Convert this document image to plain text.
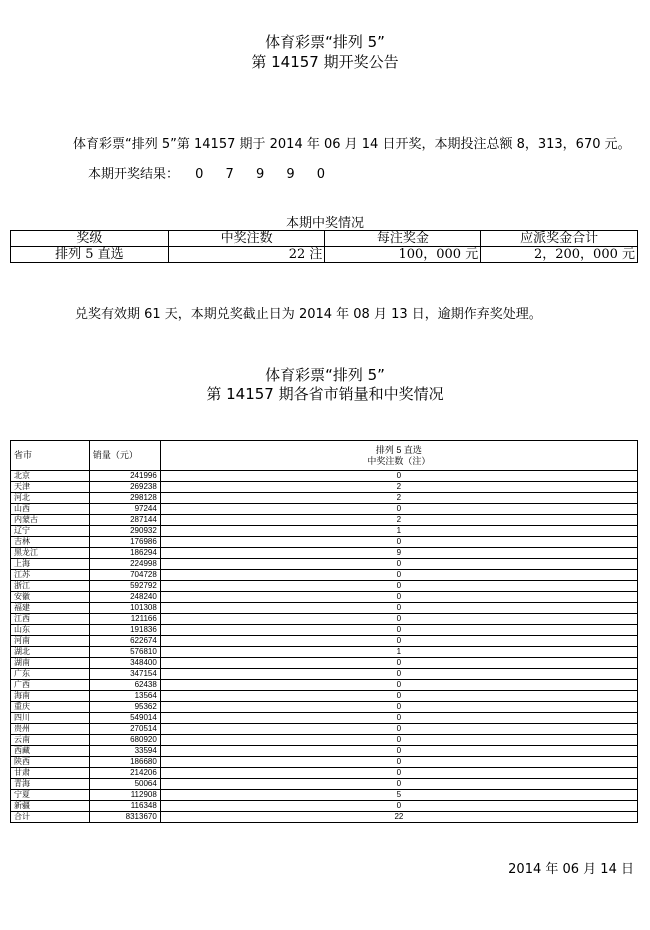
体育彩票“排列 5”
第 14157 期开奖公告
体育彩票“排列 5”第 14157 期于 2014 年 06 月 14 日开奖，本期投注总额 8，313，670 元。
本期开奖结果： 0 7 9 9 0
本期中奖情况
奖级	中奖注数	每注奖金	应派奖金合计
排列 5 直选	22 注	100，000 元	2，200，000 元
兑奖有效期 61 天，本期兑奖截止日为 2014 年 08 月 13 日，逾期作弃奖处理。
体育彩票“排列 5”
第 14157 期各省市销量和中奖情况
省市	销量（元）	排列 5 直选
中奖注数（注）

北京	241996	0
天津	269238	2
河北	298128	2
山西	97244	0
内蒙古	287144	2
辽宁	290932	1
吉林	176986	0
黑龙江	186294	9
上海	224998	0
江苏	704728	0
浙江	592792	0
安徽	248240	0
福建	101308	0
江西	121166	0
山东	191836	0
河南	622674	0
湖北	576810	1
湖南	348400	0
广东	347154	0
广西	62438	0
海南	13564	0
重庆	95362	0
四川	549014	0
贵州	270514	0
云南	680920	0
西藏	33594	0
陕西	186680	0
甘肃	214206	0
青海	50064	0
宁夏	112908	5
新疆	116348	0
合计	8313670	22
2014 年 06 月 14 日
